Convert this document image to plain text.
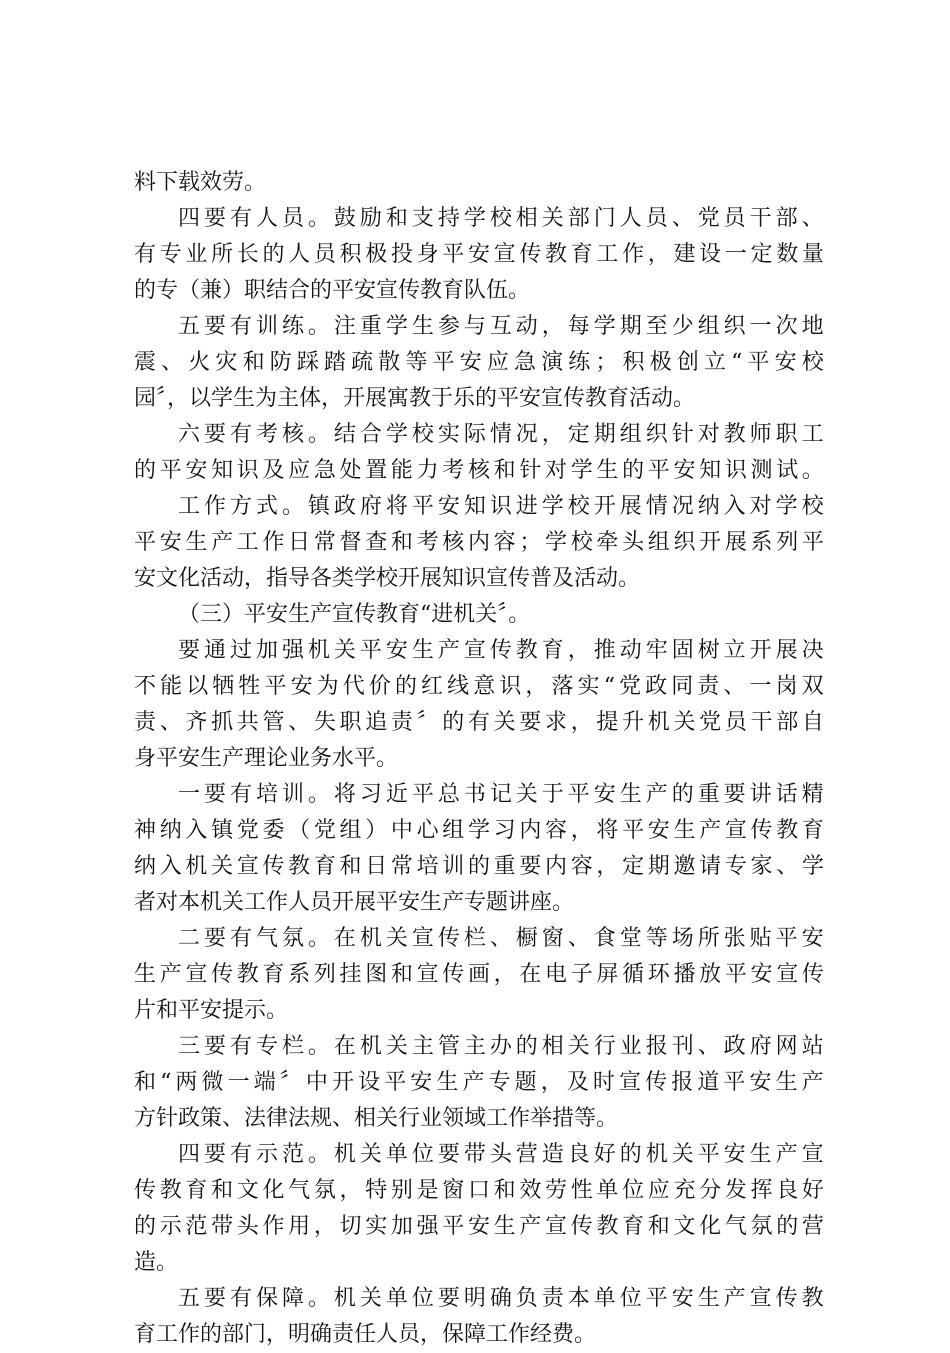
料下载效劳。
四 要 有 人 员 。 鼓 励 和 支 持 学 校 相 关 部 门 人 员 、 党 员 干 部 、
有 专 业 所 长 的 人 员 积 极 投 身 平 安 宣 传 教 育 工 作 ， 建 设 一 定 数 量
的专（兼）职结合的平安宣传教育队伍。
五 要 有 训 练 。 注 重 学 生 参 与 互 动 ， 每 学 期 至 少 组 织 一 次 地
震 、 火 灾 和 防 踩 踏 疏 散 等 平 安 应 急 演 练 ； 积 极 创 立 “ 平 安 校
园〞，以学生为主体，开展寓教于乐的平安宣传教育活动。
六 要 有 考 核 。 结 合 学 校 实 际 情 况 ， 定 期 组 织 针 对 教 师 职 工
的 平 安 知 识 及 应 急 处 置 能 力 考 核 和 针 对 学 生 的 平 安 知 识 测 试 。
工 作 方 式 。 镇 政 府 将 平 安 知 识 进 学 校 开 展 情 况 纳 入 对 学 校
平 安 生 产 工 作 日 常 督 查 和 考 核 内 容 ； 学 校 牵 头 组 织 开 展 系 列 平
安文化活动，指导各类学校开展知识宣传普及活动。
（三）平安生产宣传教育“进机关〞。
要 通 过 加 强 机 关 平 安 生 产 宣 传 教 育 ， 推 动 牢 固 树 立 开 展 决
不 能 以 牺 牲 平 安 为 代 价 的 红 线 意 识 ， 落 实 “ 党 政 同 责 、 一 岗 双
责 、 齐 抓 共 管 、 失 职 追 责 〞 的 有 关 要 求 ， 提 升 机 关 党 员 干 部 自
身平安生产理论业务水平。
一 要 有 培 训 。 将 习 近 平 总 书 记 关 于 平 安 生 产 的 重 要 讲 话 精
神 纳 入 镇 党 委 （ 党 组 ） 中 心 组 学 习 内 容 ， 将 平 安 生 产 宣 传 教 育
纳 入 机 关 宣 传 教 育 和 日 常 培 训 的 重 要 内 容 ， 定 期 邀 请 专 家 、 学
者对本机关工作人员开展平安生产专题讲座。
二 要 有 气 氛 。 在 机 关 宣 传 栏 、 橱 窗 、 食 堂 等 场 所 张 贴 平 安
生 产 宣 传 教 育 系 列 挂 图 和 宣 传 画 ， 在 电 子 屏 循 环 播 放 平 安 宣 传
片和平安提示。
三 要 有 专 栏 。 在 机 关 主 管 主 办 的 相 关 行 业 报 刊 、 政 府 网 站
和 “ 两 微 一 端 〞 中 开 设 平 安 生 产 专 题 ， 及 时 宣 传 报 道 平 安 生 产
方针政策、法律法规、相关行业领域工作举措等。
四 要 有 示 范 。 机 关 单 位 要 带 头 营 造 良 好 的 机 关 平 安 生 产 宣
传 教 育 和 文 化 气 氛 ， 特 别 是 窗 口 和 效 劳 性 单 位 应 充 分 发 挥 良 好
的 示 范 带 头 作 用 ， 切 实 加 强 平 安 生 产 宣 传 教 育 和 文 化 气 氛 的 营
造。
五 要 有 保 障 。 机 关 单 位 要 明 确 负 责 本 单 位 平 安 生 产 宣 传 教
育工作的部门，明确责任人员，保障工作经费。
